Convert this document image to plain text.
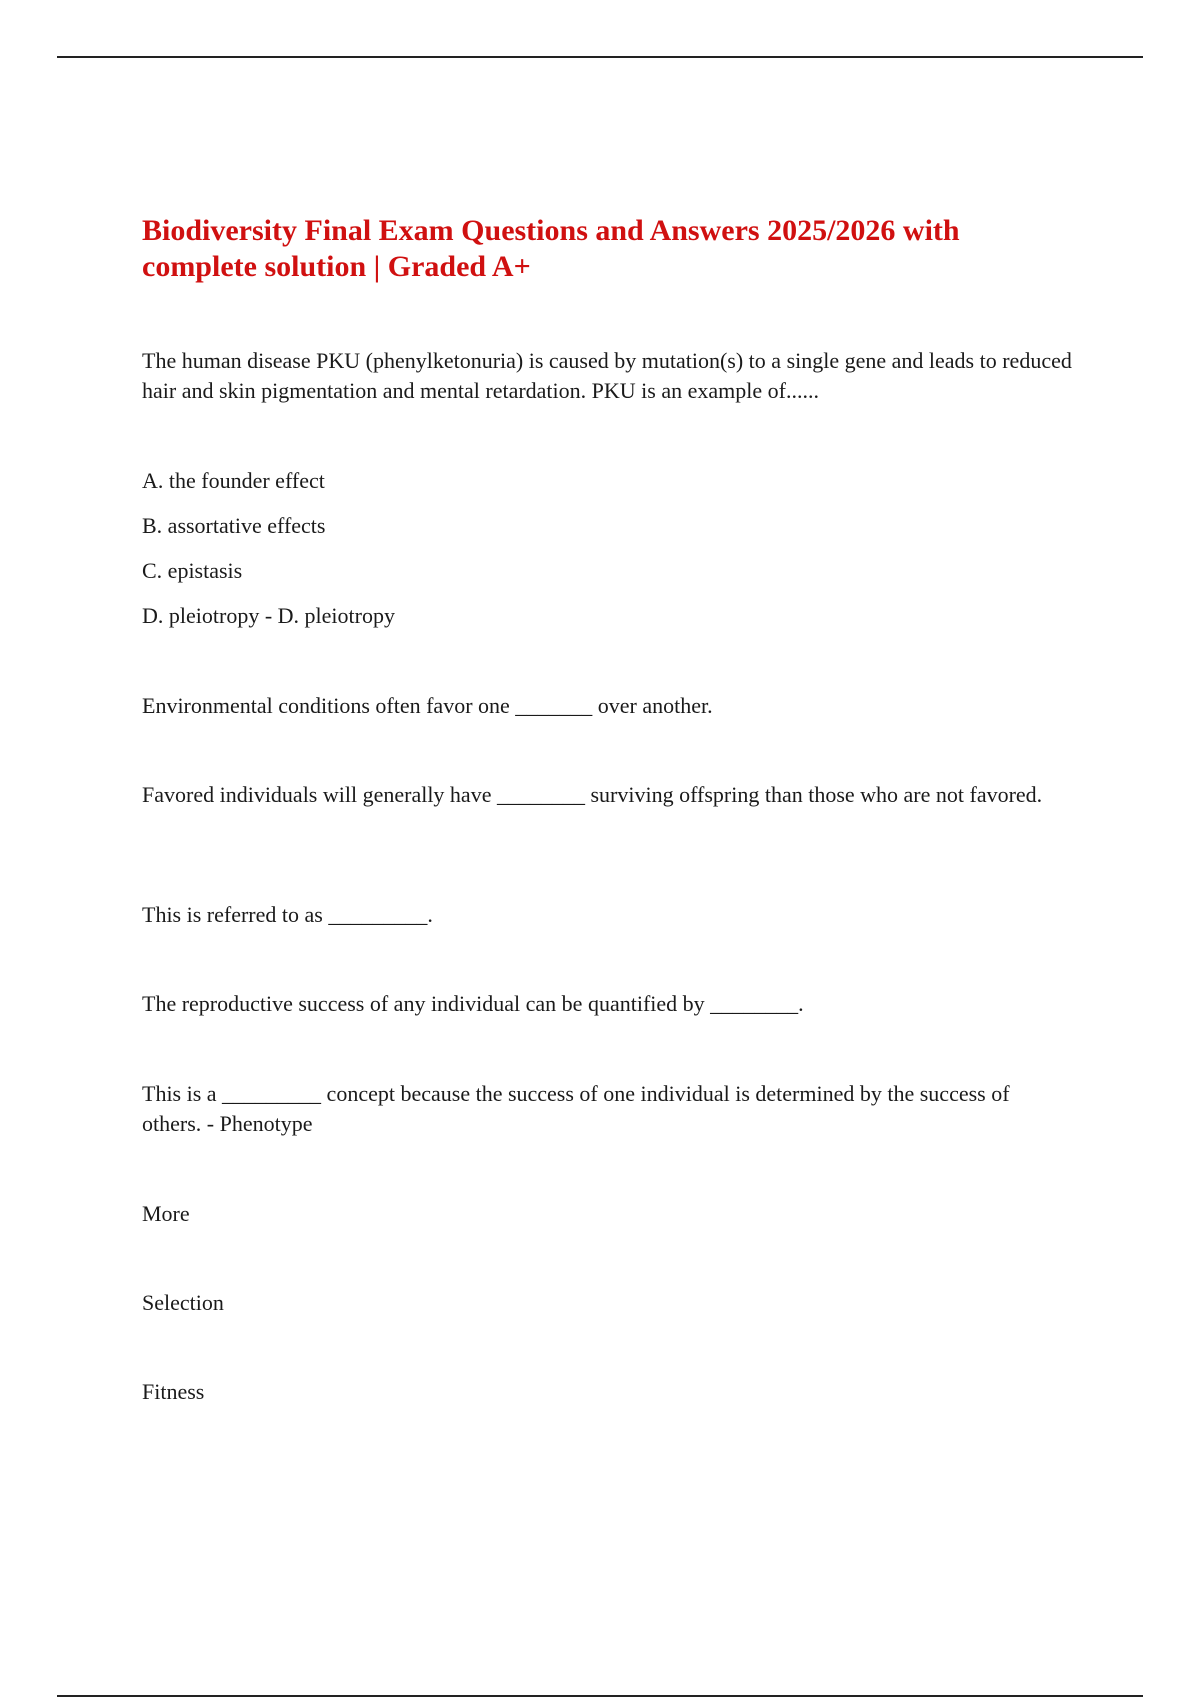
Biodiversity Final Exam Questions and Answers 2025/2026 with complete solution | Graded A+

The human disease PKU (phenylketonuria) is caused by mutation(s) to a single gene and leads to reduced hair and skin pigmentation and mental retardation. PKU is an example of......

A. the founder effect

B. assortative effects

C. epistasis

D. pleiotropy - D. pleiotropy

Environmental conditions often favor one _______ over another.

Favored individuals will generally have ________ surviving offspring than those who are not favored.

This is referred to as _________.

The reproductive success of any individual can be quantified by ________.

This is a _________ concept because the success of one individual is determined by the success of others. - Phenotype

More

Selection

Fitness
